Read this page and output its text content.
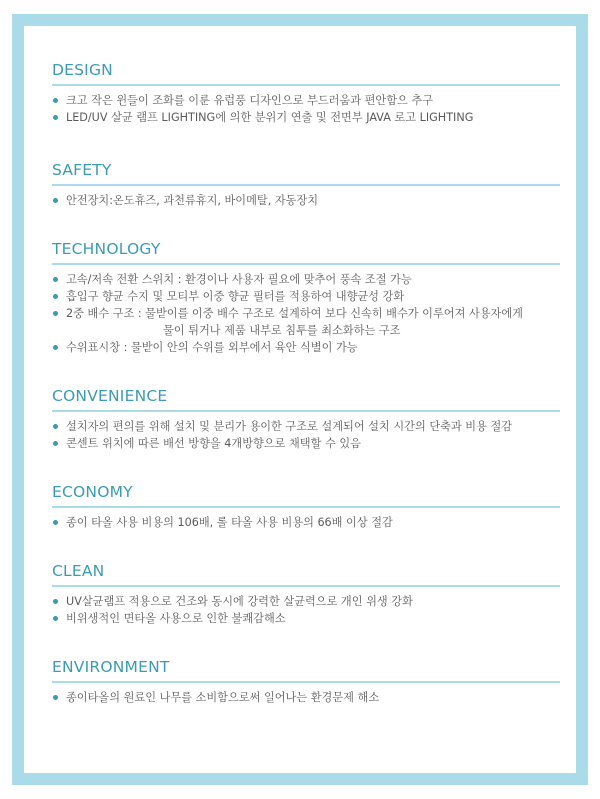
DESIGN
크고 작은 윈들이 조화를 이룬 유럽풍 디자인으로 부드러움과 편안함으 추구
LED/UV 살균 램프 LIGHTING에 의한 분위기 연출 및 전면부 JAVA 로고 LIGHTING
SAFETY
안전장치:온도휴즈, 과천류휴지, 바이메탈, 자동장치
TECHNOLOGY
고속/저속 전환 스위치 : 환경이나 사용자 필요에 맞추어 풍속 조절 가능
흡입구 향균 수지 및 모티부 이중 향균 필터를 적용하여 내향균성 강화
2중 배수 구조 : 물받이를 이중 배수 구조로 설계하여 보다 신속히 배수가 이루어져 사용자에게
물이 튀거나 제품 내부로 침투를 최소화하는 구조
수위표시창 : 물받이 안의 수위를 외부에서 육안 식별이 가능
CONVENIENCE
설치자의 편의를 위해 설치 및 분리가 용이한 구조로 설계되어 설치 시간의 단축과 비용 절감
콘센트 위치에 따른 배선 방향을 4개방향으로 채택할 수 있음
ECONOMY
종이 타올 사용 비용의 106배, 롤 타올 사용 비용의 66배 이상 절감
CLEAN
UV살균램프 적용으로 건조와 동시에 강력한 살균력으로 개인 위생 강화
비위생적인 면타올 사용으로 인한 불쾌감해소
ENVIRONMENT
종이타올의 원료인 나무를 소비함으로써 일어나는 환경문제 해소
